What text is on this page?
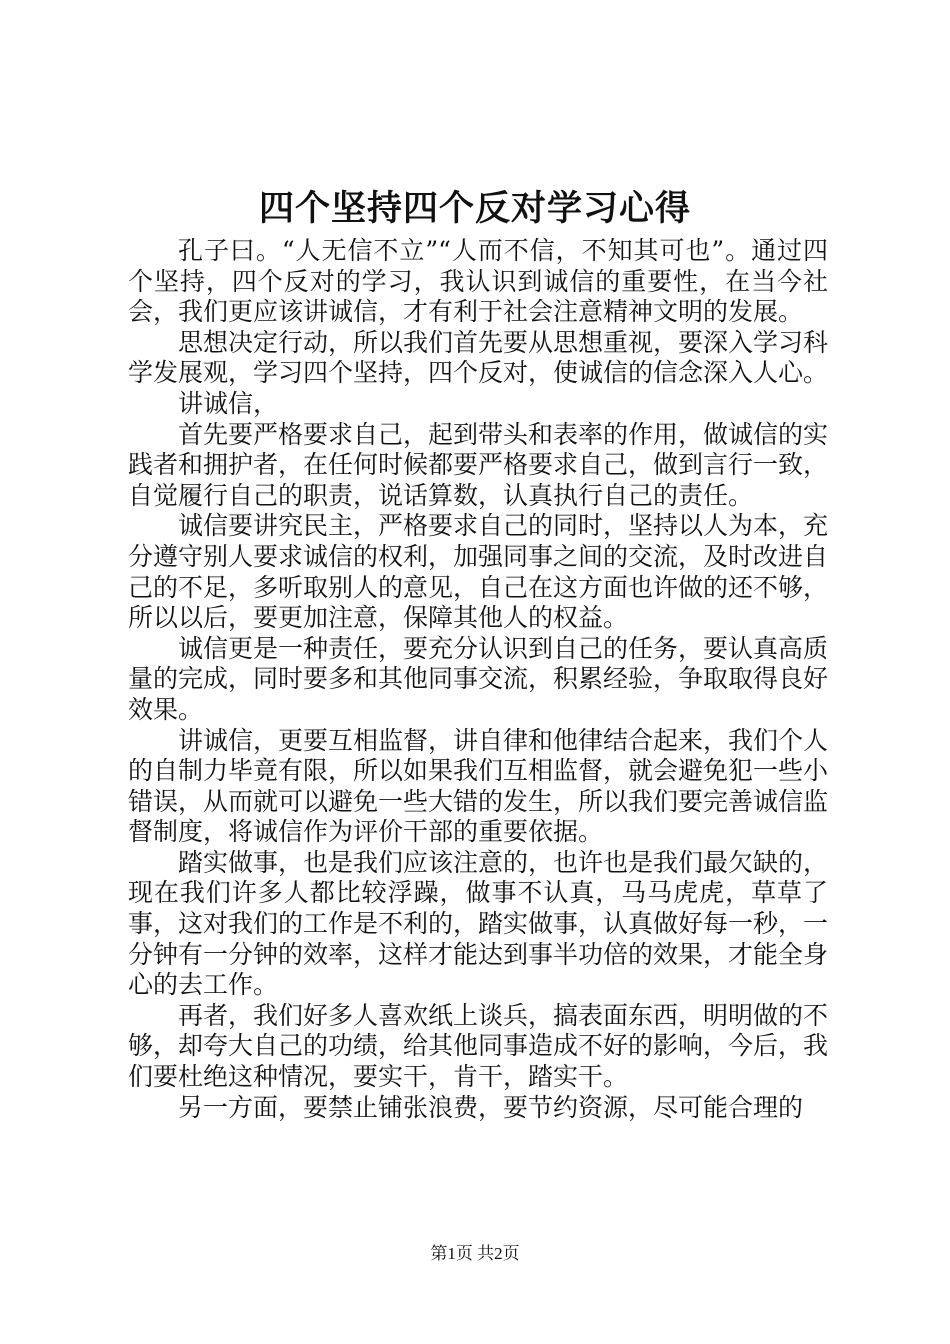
四个坚持四个反对学习心得

孔子曰。“人无信不立”“人而不信，不知其可也”。通过四个坚持，四个反对的学习，我认识到诚信的重要性，在当今社会，我们更应该讲诚信，才有利于社会注意精神文明的发展。

思想决定行动，所以我们首先要从思想重视，要深入学习科学发展观，学习四个坚持，四个反对，使诚信的信念深入人心。

讲诚信，

首先要严格要求自己，起到带头和表率的作用，做诚信的实践者和拥护者，在任何时候都要严格要求自己，做到言行一致，自觉履行自己的职责，说话算数，认真执行自己的责任。

诚信要讲究民主，严格要求自己的同时，坚持以人为本，充分遵守别人要求诚信的权利，加强同事之间的交流，及时改进自己的不足，多听取别人的意见，自己在这方面也许做的还不够，所以以后，要更加注意，保障其他人的权益。

诚信更是一种责任，要充分认识到自己的任务，要认真高质量的完成，同时要多和其他同事交流，积累经验，争取取得良好效果。

讲诚信，更要互相监督，讲自律和他律结合起来，我们个人的自制力毕竟有限，所以如果我们互相监督，就会避免犯一些小错误，从而就可以避免一些大错的发生，所以我们要完善诚信监督制度，将诚信作为评价干部的重要依据。

踏实做事，也是我们应该注意的，也许也是我们最欠缺的，现在我们许多人都比较浮躁，做事不认真，马马虎虎，草草了事，这对我们的工作是不利的，踏实做事，认真做好每一秒，一分钟有一分钟的效率，这样才能达到事半功倍的效果，才能全身心的去工作。

再者，我们好多人喜欢纸上谈兵，搞表面东西，明明做的不够，却夸大自己的功绩，给其他同事造成不好的影响，今后，我们要杜绝这种情况，要实干，肯干，踏实干。

另一方面，要禁止铺张浪费，要节约资源，尽可能合理的

第1页 共2页
